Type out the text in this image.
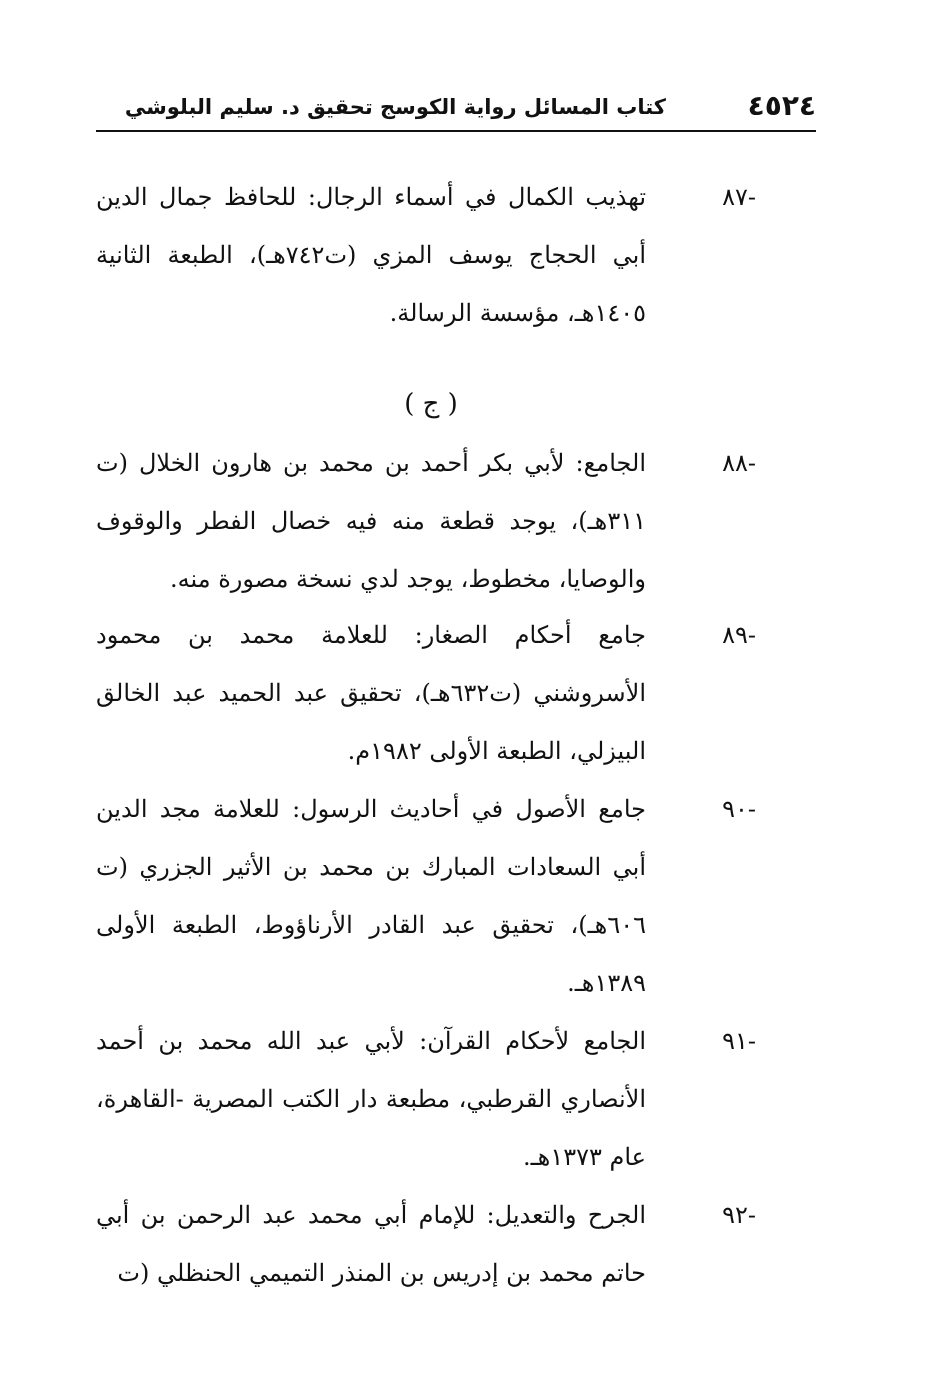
٤٥٢٤
كتاب المسائل رواية الكوسج تحقيق د. سليم البلوشي
-٨٧
تهذيب الكمال في أسماء الرجال: للحافظ جمال الدين أبي الحجاج يوسف المزي (ت٧٤٢هـ)، الطبعة الثانية ١٤٠٥هـ، مؤسسة الرسالة.
( ج )
-٨٨
الجامع: لأبي بكر أحمد بن محمد بن هارون الخلال (ت ٣١١هـ)، يوجد قطعة منه فيه خصال الفطر والوقوف والوصايا، مخطوط، يوجد لدي نسخة مصورة منه.
-٨٩
جامع أحكام الصغار: للعلامة محمد بن محمود الأسروشني (ت٦٣٢هـ)، تحقيق عبد الحميد عبد الخالق البيزلي، الطبعة الأولى ١٩٨٢م.
-٩٠
جامع الأصول في أحاديث الرسول: للعلامة مجد الدين أبي السعادات المبارك بن محمد بن الأثير الجزري (ت ٦٠٦هـ)، تحقيق عبد القادر الأرناؤوط، الطبعة الأولى ١٣٨٩هـ.
-٩١
الجامع لأحكام القرآن: لأبي عبد الله محمد بن أحمد الأنصاري القرطبي، مطبعة دار الكتب المصرية -القاهرة، عام ١٣٧٣هـ.
-٩٢
الجرح والتعديل: للإمام أبي محمد عبد الرحمن بن أبي حاتم محمد بن إدريس بن المنذر التميمي الحنظلي (ت
